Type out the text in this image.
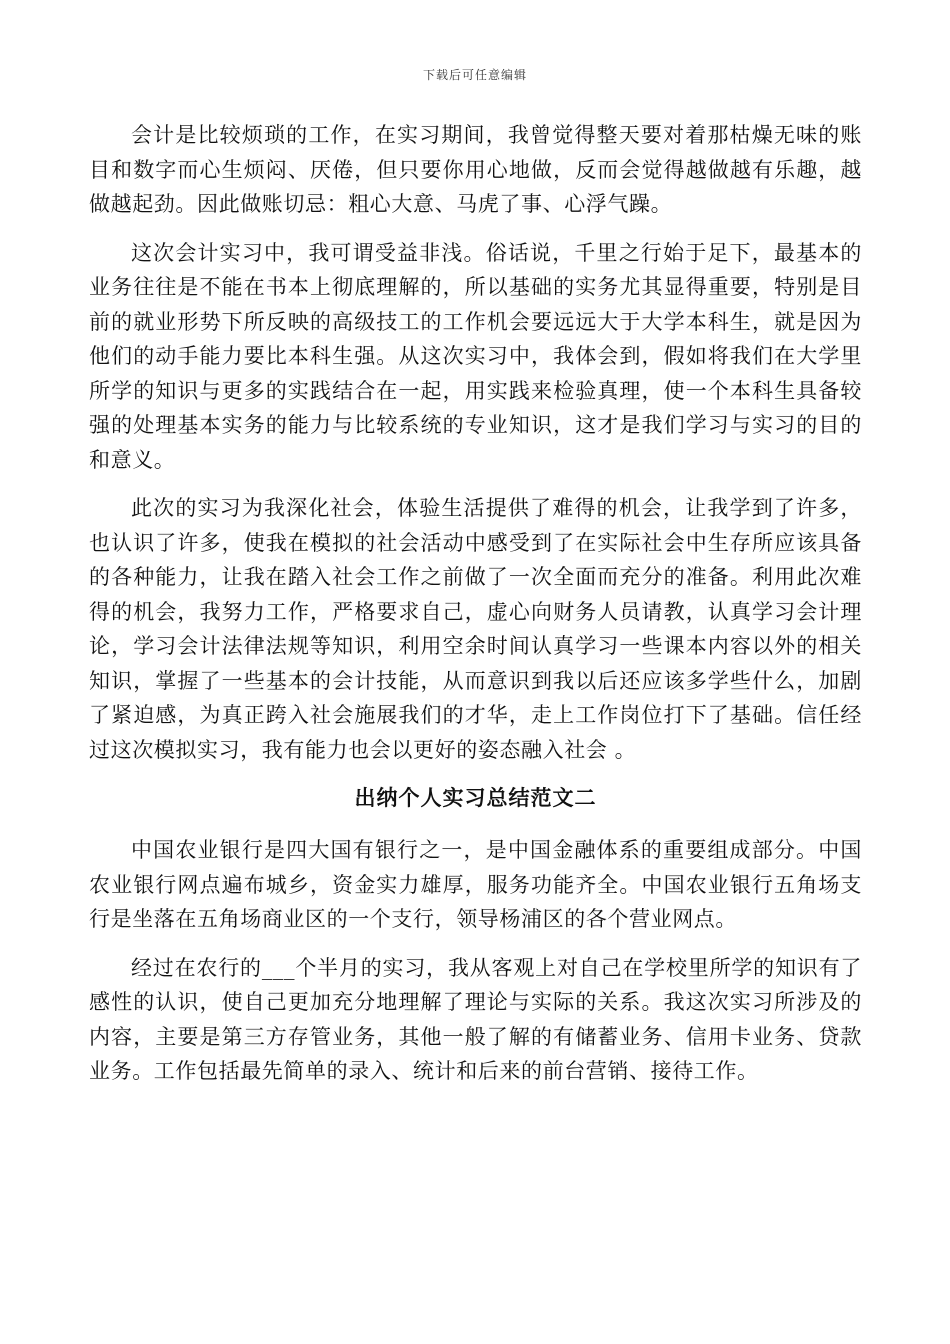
下载后可任意编辑

会计是比较烦琐的工作，在实习期间，我曾觉得整天要对着那枯燥无味的账目和数字而心生烦闷、厌倦，但只要你用心地做，反而会觉得越做越有乐趣，越做越起劲。因此做账切忌：粗心大意、马虎了事、心浮气躁。

这次会计实习中，我可谓受益非浅。俗话说，千里之行始于足下，最基本的业务往往是不能在书本上彻底理解的，所以基础的实务尤其显得重要，特别是目前的就业形势下所反映的高级技工的工作机会要远远大于大学本科生，就是因为他们的动手能力要比本科生强。从这次实习中，我体会到，假如将我们在大学里所学的知识与更多的实践结合在一起，用实践来检验真理，使一个本科生具备较强的处理基本实务的能力与比较系统的专业知识，这才是我们学习与实习的目的和意义。

此次的实习为我深化社会，体验生活提供了难得的机会，让我学到了许多，也认识了许多，使我在模拟的社会活动中感受到了在实际社会中生存所应该具备的各种能力，让我在踏入社会工作之前做了一次全面而充分的准备。利用此次难得的机会，我努力工作，严格要求自己，虚心向财务人员请教，认真学习会计理论，学习会计法律法规等知识，利用空余时间认真学习一些课本内容以外的相关知识，掌握了一些基本的会计技能，从而意识到我以后还应该多学些什么，加剧了紧迫感，为真正跨入社会施展我们的才华，走上工作岗位打下了基础。信任经过这次模拟实习，我有能力也会以更好的姿态融入社会 。

出纳个人实习总结范文二

中国农业银行是四大国有银行之一，是中国金融体系的重要组成部分。中国农业银行网点遍布城乡，资金实力雄厚，服务功能齐全。中国农业银行五角场支行是坐落在五角场商业区的一个支行，领导杨浦区的各个营业网点。

经过在农行的___个半月的实习，我从客观上对自己在学校里所学的知识有了感性的认识，使自己更加充分地理解了理论与实际的关系。我这次实习所涉及的内容，主要是第三方存管业务，其他一般了解的有储蓄业务、信用卡业务、贷款业务。工作包括最先简单的录入、统计和后来的前台营销、接待工作。
